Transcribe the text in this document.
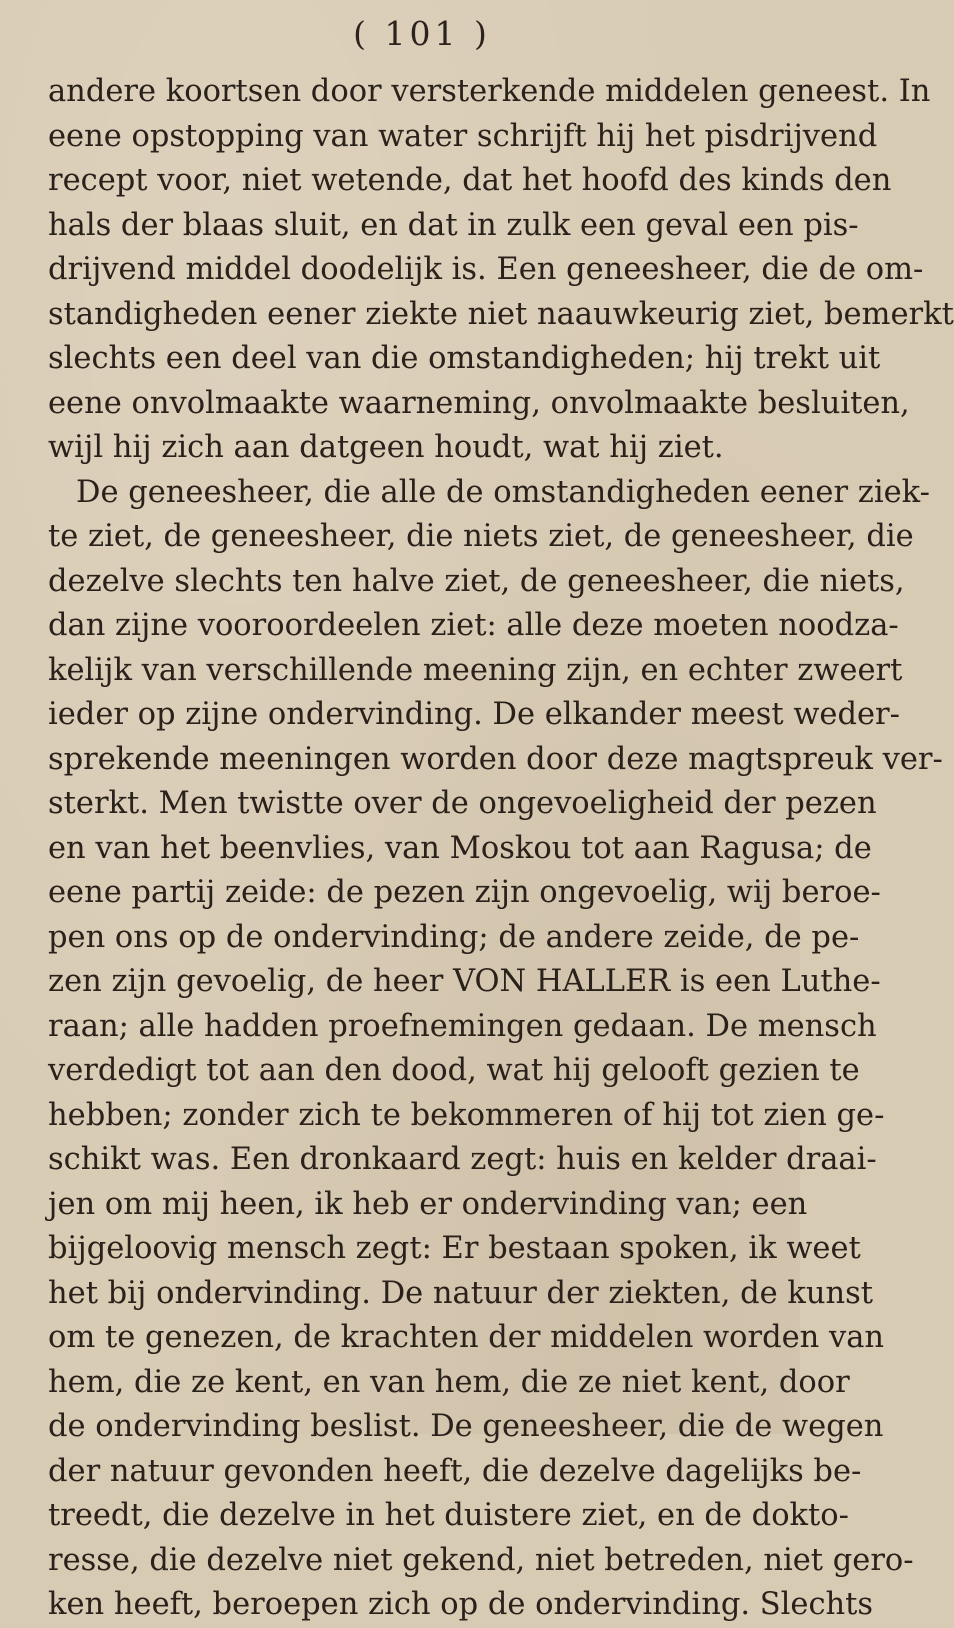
( 101 )
andere koortsen door versterkende middelen geneest. In
eene opstopping van water schrijft hij het pisdrijvend
recept voor, niet wetende, dat het hoofd des kinds den
hals der blaas sluit, en dat in zulk een geval een pis-
drijvend middel doodelijk is. Een geneesheer, die de om-
standigheden eener ziekte niet naauwkeurig ziet, bemerkt
slechts een deel van die omstandigheden; hij trekt uit
eene onvolmaakte waarneming, onvolmaakte besluiten,
wijl hij zich aan datgeen houdt, wat hij ziet.
De geneesheer, die alle de omstandigheden eener ziek-
te ziet, de geneesheer, die niets ziet, de geneesheer, die
dezelve slechts ten halve ziet, de geneesheer, die niets,
dan zijne vooroordeelen ziet: alle deze moeten noodza-
kelijk van verschillende meening zijn, en echter zweert
ieder op zijne ondervinding. De elkander meest weder-
sprekende meeningen worden door deze magtspreuk ver-
sterkt. Men twistte over de ongevoeligheid der pezen
en van het beenvlies, van Moskou tot aan Ragusa; de
eene partij zeide: de pezen zijn ongevoelig, wij beroe-
pen ons op de ondervinding; de andere zeide, de pe-
zen zijn gevoelig, de heer VON HALLER is een Luthe-
raan; alle hadden proefnemingen gedaan. De mensch
verdedigt tot aan den dood, wat hij gelooft gezien te
hebben; zonder zich te bekommeren of hij tot zien ge-
schikt was. Een dronkaard zegt: huis en kelder draai-
jen om mij heen, ik heb er ondervinding van; een
bijgeloovig mensch zegt: Er bestaan spoken, ik weet
het bij ondervinding. De natuur der ziekten, de kunst
om te genezen, de krachten der middelen worden van
hem, die ze kent, en van hem, die ze niet kent, door
de ondervinding beslist. De geneesheer, die de wegen
der natuur gevonden heeft, die dezelve dagelijks be-
treedt, die dezelve in het duistere ziet, en de dokto-
resse, die dezelve niet gekend, niet betreden, niet gero-
ken heeft, beroepen zich op de ondervinding. Slechts
